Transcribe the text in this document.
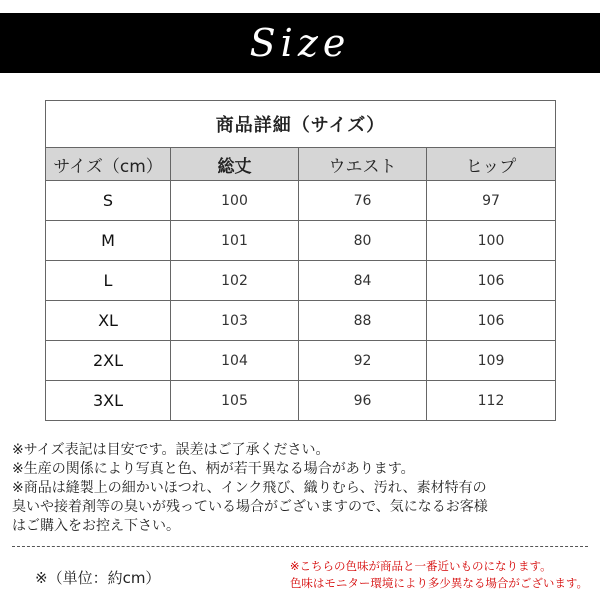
Size
商品詳細（サイズ）			
サイズ（cm）	総丈	ウエスト	ヒップ
S	100	76	97
M	101	80	100
L	102	84	106
XL	103	88	106
2XL	104	92	109
3XL	105	96	112

※サイズ表記は目安です。誤差はご了承ください。

※生産の関係により写真と色、柄が若干異なる場合があります。

※商品は縫製上の細かいほつれ、インク飛び、織りむら、汚れ、素材特有の

臭いや接着剤等の臭いが残っている場合がございますので、気になるお客様

はご購入をお控え下さい。

※（単位：約cm）

※こちらの色味が商品と一番近いものになります。

色味はモニター環境により多少異なる場合がございます。
